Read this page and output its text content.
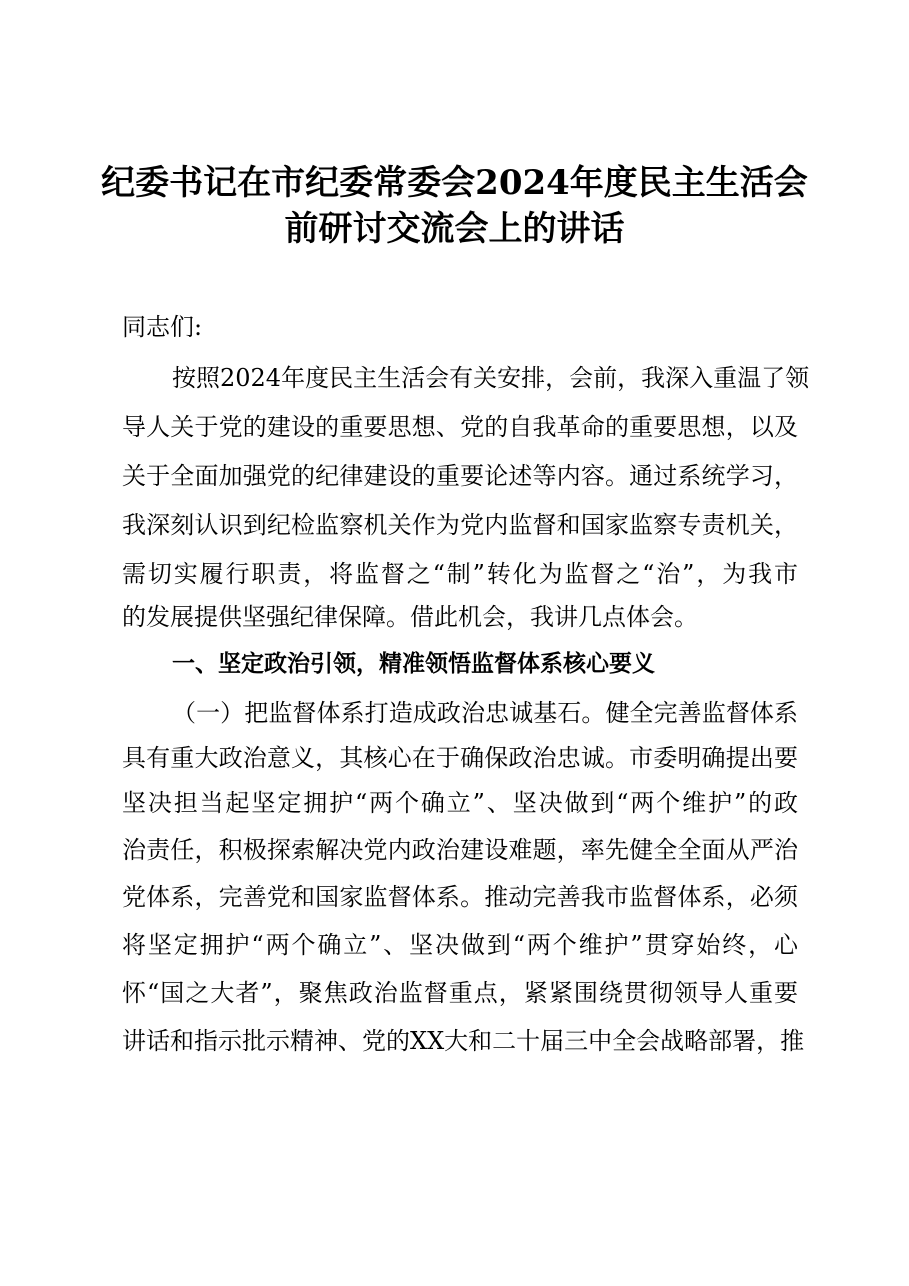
纪委书记在市纪委常委会2024年度民主生活会
前研讨交流会上的讲话

同志们:

按照2024年度民主生活会有关安排，会前，我深入重温了领

导人关于党的建设的重要思想、党的自我革命的重要思想，以及

关于全面加强党的纪律建设的重要论述等内容。通过系统学习，

我深刻认识到纪检监察机关作为党内监督和国家监察专责机关，

需切实履行职责，将监督之“制”转化为监督之“治”，为我市

的发展提供坚强纪律保障。借此机会，我讲几点体会。

一、坚定政治引领，精准领悟监督体系核心要义

（一）把监督体系打造成政治忠诚基石。健全完善监督体系

具有重大政治意义，其核心在于确保政治忠诚。市委明确提出要

坚决担当起坚定拥护“两个确立”、坚决做到“两个维护”的政

治责任，积极探索解决党内政治建设难题，率先健全全面从严治

党体系，完善党和国家监督体系。推动完善我市监督体系，必须

将坚定拥护“两个确立”、坚决做到“两个维护”贯穿始终，心

怀“国之大者”，聚焦政治监督重点，紧紧围绕贯彻领导人重要

讲话和指示批示精神、党的XX大和二十届三中全会战略部署，推
